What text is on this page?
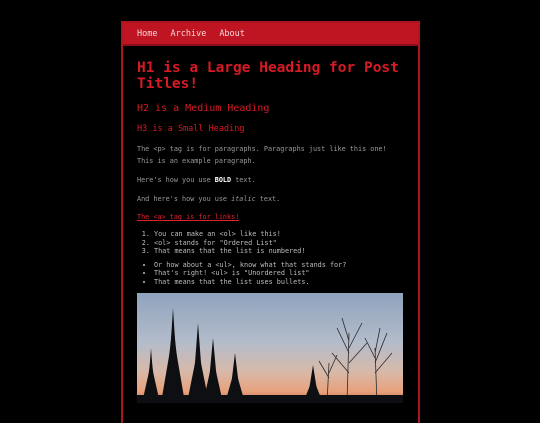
Home Archive About
H1 is a Large Heading for Post Titles!
H2 is a Medium Heading
H3 is a Small Heading

The <p> tag is for paragraphs. Paragraphs just like this one! This is an example paragraph.

Here's how you use BOLD text.

And here's how you use italic text.

The <a> tag is for links!
1. You can make an <ol> like this!
2. <ol> stands for "Ordered List"
3. That means that the list is numbered!
• Or how about a <ul>, know what that stands for?
• That's right! <ul> is "Unordered list"
• That means that the list uses bullets.
